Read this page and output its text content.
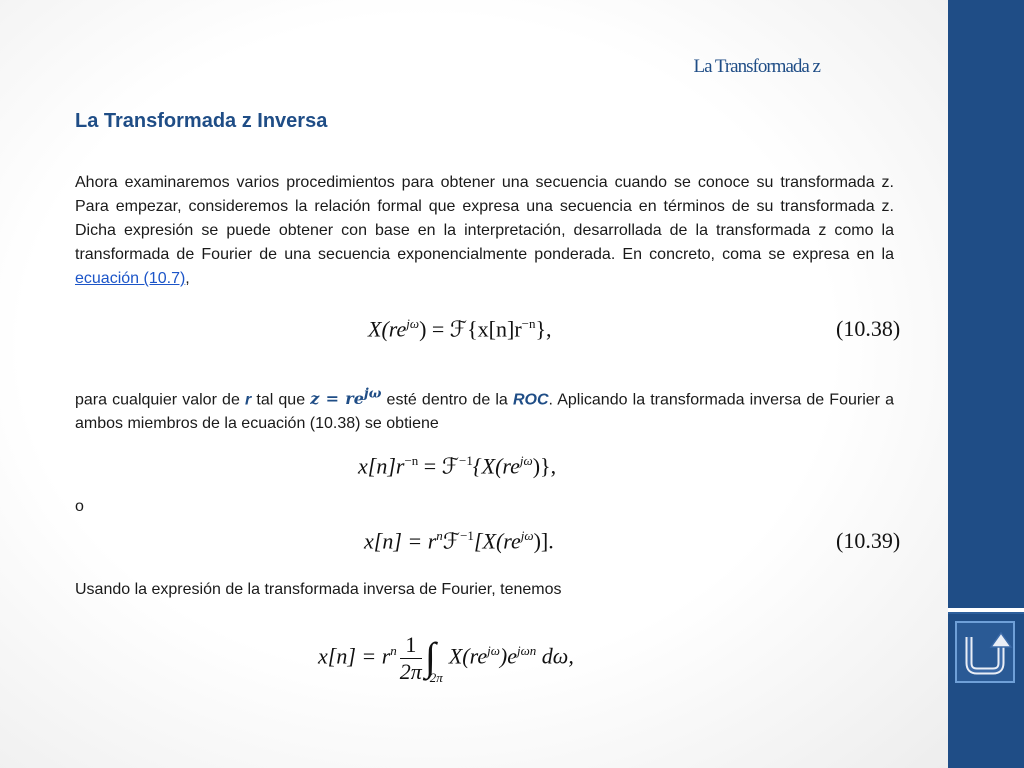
La Transformada z
La Transformada z Inversa
Ahora examinaremos varios procedimientos para obtener una secuencia cuando se conoce su transformada z. Para empezar, consideremos la relación formal que expresa una secuencia en términos de su transformada z. Dicha expresión se puede obtener con base en la interpretación, desarrollada de la transformada z como la transformada de Fourier de una secuencia exponencialmente ponderada. En concreto, coma se expresa en la ecuación (10.7),
$X(re^{j\omega})$ = $ℱ\{x[n]r^{-n}\}$,	(10.38)
para cualquier valor de r tal que $z = re^{j\omega}$ esté dentro de la ROC. Aplicando la transformada inversa de Fourier a ambos miembros de la ecuación (10.38) se obtiene
$x[n]r^{-n}$ = $ℱ^{-1}\{X(re^{j\omega})\}$,
o
$x[n] = r^nℱ^{-1}[X(re^{j\omega})]$.	(10.39)
Usando la expresión de la transformada inversa de Fourier, tenemos
$x[n] = r^n \frac{1}{2\pi} \int_{2\pi}X(re^{j\omega})e^{j\omega n}$ dω,
